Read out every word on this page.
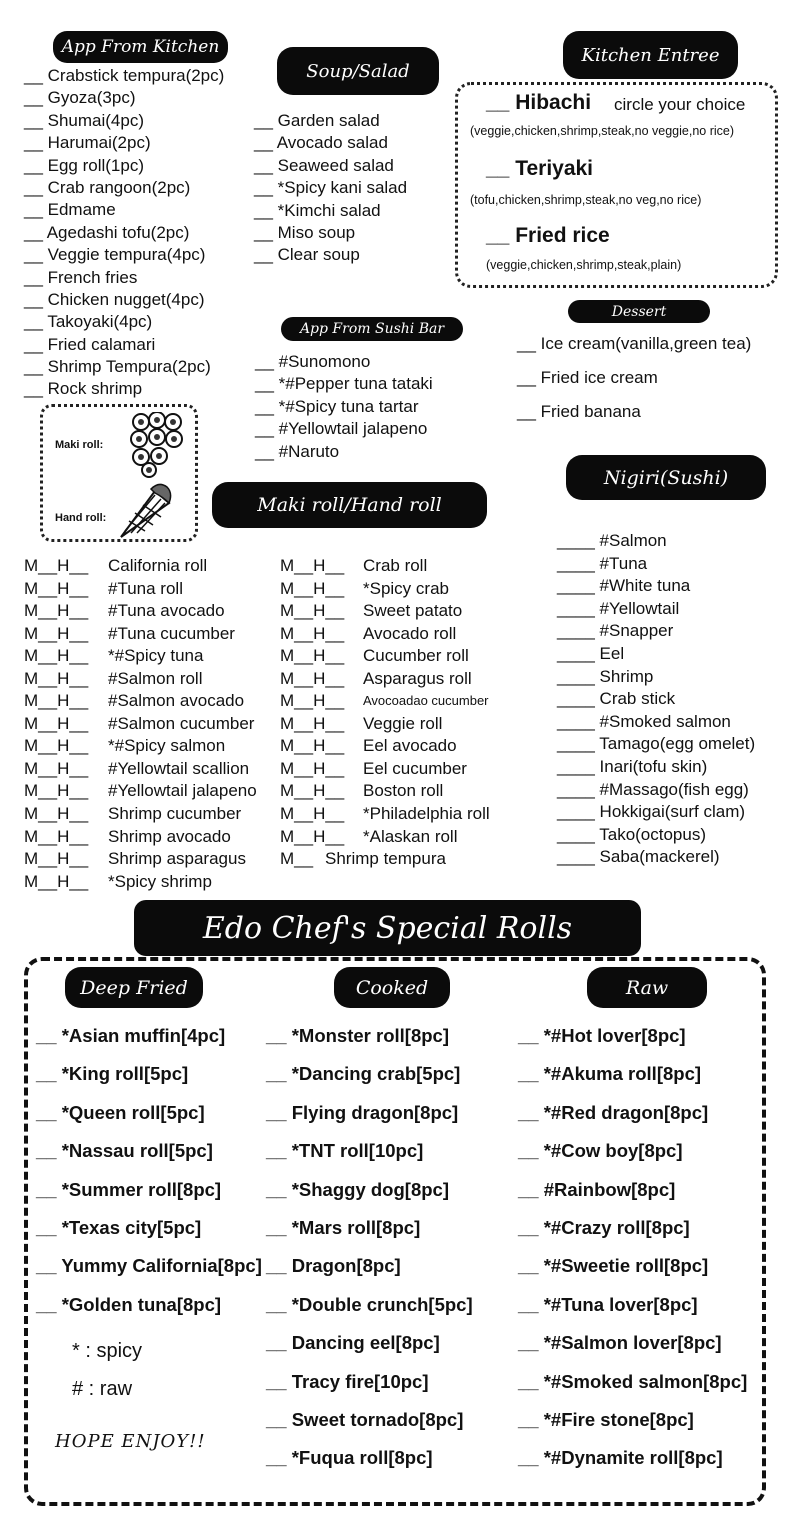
App From Kitchen
Soup/Salad
Kitchen Entree
Dessert
App From Sushi Bar
Maki roll/Hand roll
Nigiri(Sushi)
__ Crabstick tempura(2pc)
__ Gyoza(3pc)
__ Shumai(4pc)
__ Harumai(2pc)
__ Egg roll(1pc)
__ Crab rangoon(2pc)
__ Edmame
__ Agedashi tofu(2pc)
__ Veggie tempura(4pc)
__ French fries
__ Chicken nugget(4pc)
__ Takoyaki(4pc)
__ Fried calamari
__ Shrimp Tempura(2pc)
__ Rock shrimp
__ Garden salad
__ Avocado salad
__ Seaweed salad
__ *Spicy kani salad
__ *Kimchi salad
__ Miso soup
__ Clear soup
__ Hibachi circle your choice
(veggie,chicken,shrimp,steak,no veggie,no rice)
__ Teriyaki
(tofu,chicken,shrimp,steak,no veg,no rice)
__ Fried rice
(veggie,chicken,shrimp,steak,plain)
__ Ice cream(vanilla,green tea)
__ Fried ice cream
__ Fried banana
__ #Sunomono
__ *#Pepper tuna tataki
__ *#Spicy tuna tartar
__ #Yellowtail jalapeno
__ #Naruto
Maki roll:
Hand roll:
M__H__ California roll
M__H__ #Tuna roll
M__H__ #Tuna avocado
M__H__ #Tuna cucumber
M__H__ *#Spicy tuna
M__H__ #Salmon roll
M__H__ #Salmon avocado
M__H__ #Salmon cucumber
M__H__ *#Spicy salmon
M__H__ #Yellowtail scallion
M__H__ #Yellowtail jalapeno
M__H__ Shrimp cucumber
M__H__ Shrimp avocado
M__H__ Shrimp asparagus
M__H__ *Spicy shrimp
M__H__ Crab roll
M__H__ *Spicy crab
M__H__ Sweet patato
M__H__ Avocado roll
M__H__ Cucumber roll
M__H__ Asparagus roll
M__H__ Avocoadao cucumber
M__H__ Veggie roll
M__H__ Eel avocado
M__H__ Eel cucumber
M__H__ Boston roll
M__H__ *Philadelphia roll
M__H__ *Alaskan roll
M__ Shrimp tempura
____ #Salmon
____ #Tuna
____ #White tuna
____ #Yellowtail
____ #Snapper
____ Eel
____ Shrimp
____ Crab stick
____ #Smoked salmon
____ Tamago(egg omelet)
____ Inari(tofu skin)
____ #Massago(fish egg)
____ Hokkigai(surf clam)
____ Tako(octopus)
____ Saba(mackerel)
Edo Chef's Special Rolls
Deep Fried	Cooked	Raw
__ *Asian muffin[4pc]
__ *King roll[5pc]
__ *Queen roll[5pc]
__ *Nassau roll[5pc]
__ *Summer roll[8pc]
__ *Texas city[5pc]
__ Yummy California[8pc]
__ *Golden tuna[8pc]
__ *Monster roll[8pc]
__ *Dancing crab[5pc]
__ Flying dragon[8pc]
__ *TNT roll[10pc]
__ *Shaggy dog[8pc]
__ *Mars roll[8pc]
__ Dragon[8pc]
__ *Double crunch[5pc]
__ Dancing eel[8pc]
__ Tracy fire[10pc]
__ Sweet tornado[8pc]
__ *Fuqua roll[8pc]
__ *#Hot lover[8pc]
__ *#Akuma roll[8pc]
__ *#Red dragon[8pc]
__ *#Cow boy[8pc]
__ #Rainbow[8pc]
__ *#Crazy roll[8pc]
__ *#Sweetie roll[8pc]
__ *#Tuna lover[8pc]
__ *#Salmon lover[8pc]
__ *#Smoked salmon[8pc]
__ *#Fire stone[8pc]
__ *#Dynamite roll[8pc]
* : spicy
# : raw
HOPE ENJOY!!
